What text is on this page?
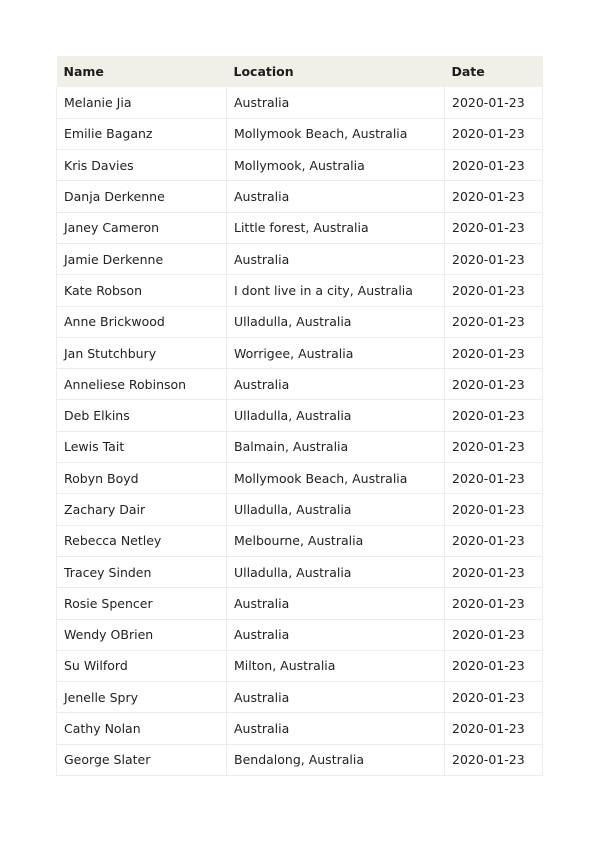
Name	Location	Date
Melanie Jia	Australia	2020-01-23
Emilie Baganz	Mollymook Beach, Australia	2020-01-23
Kris Davies	Mollymook, Australia	2020-01-23
Danja Derkenne	Australia	2020-01-23
Janey Cameron	Little forest, Australia	2020-01-23
Jamie Derkenne	Australia	2020-01-23
Kate Robson	I dont live in a city, Australia	2020-01-23
Anne Brickwood	Ulladulla, Australia	2020-01-23
Jan Stutchbury	Worrigee, Australia	2020-01-23
Anneliese Robinson	Australia	2020-01-23
Deb Elkins	Ulladulla, Australia	2020-01-23
Lewis Tait	Balmain, Australia	2020-01-23
Robyn Boyd	Mollymook Beach, Australia	2020-01-23
Zachary Dair	Ulladulla, Australia	2020-01-23
Rebecca Netley	Melbourne, Australia	2020-01-23
Tracey Sinden	Ulladulla, Australia	2020-01-23
Rosie Spencer	Australia	2020-01-23
Wendy OBrien	Australia	2020-01-23
Su Wilford	Milton, Australia	2020-01-23
Jenelle Spry	Australia	2020-01-23
Cathy Nolan	Australia	2020-01-23
George Slater	Bendalong, Australia	2020-01-23
